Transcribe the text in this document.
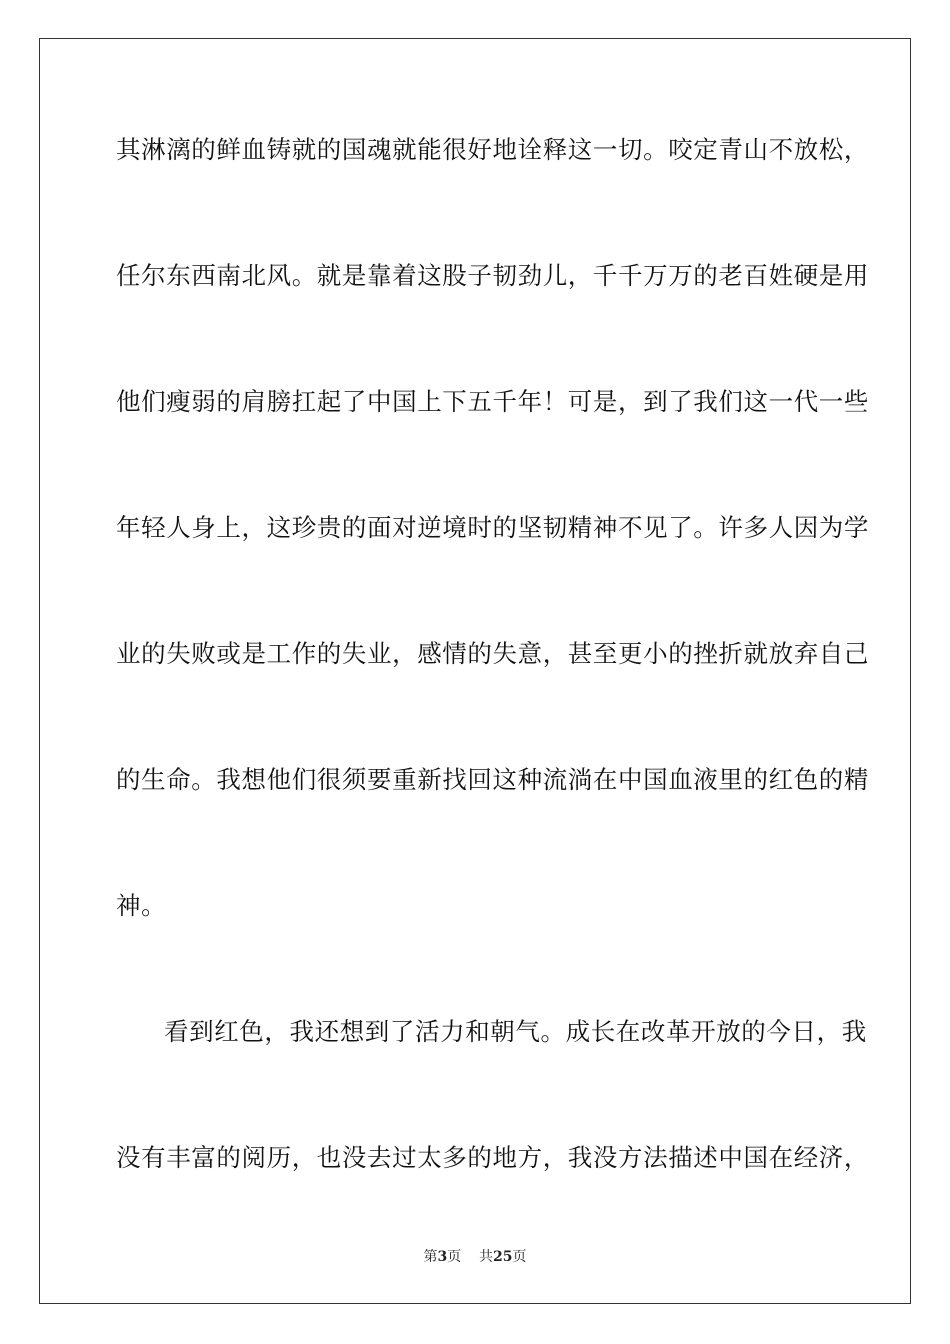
其淋漓的鲜血铸就的国魂就能很好地诠释这一切。咬定青山不放松，
任尔东西南北风。就是靠着这股子韧劲儿，千千万万的老百姓硬是用
他们瘦弱的肩膀扛起了中国上下五千年！可是，到了我们这一代一些
年轻人身上，这珍贵的面对逆境时的坚韧精神不见了。许多人因为学
业的失败或是工作的失业，感情的失意，甚至更小的挫折就放弃自己
的生命。我想他们很须要重新找回这种流淌在中国血液里的红色的精
神。
看到红色，我还想到了活力和朝气。成长在改革开放的今日，我
没有丰富的阅历，也没去过太多的地方，我没方法描述中国在经济，
第3页 共25页
